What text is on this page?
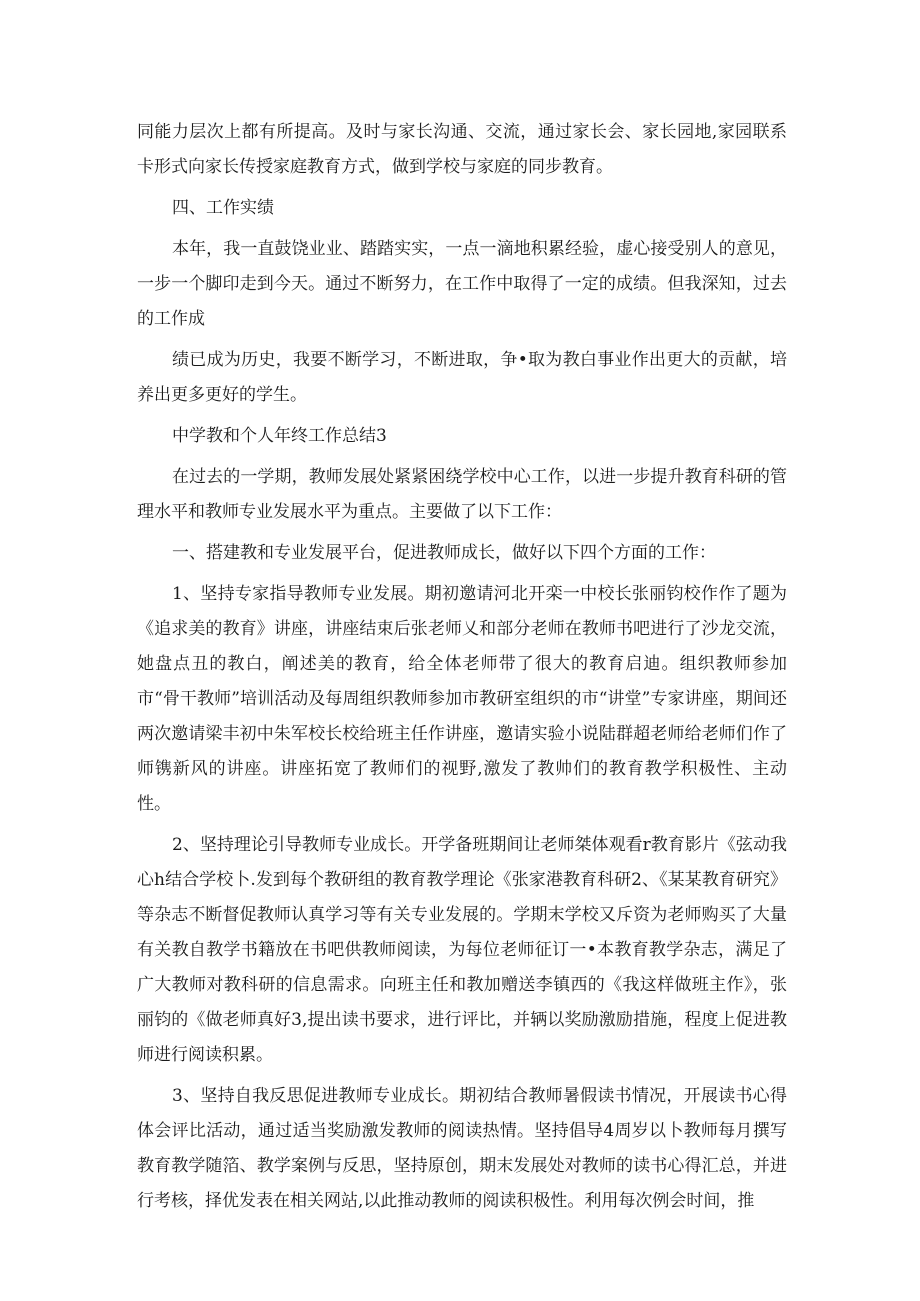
同能力层次上都有所提高。及时与家长沟通、交流，通过家长会、家长园地,家园联系卡形式向家长传授家庭教育方式，做到学校与家庭的同步教育。

四、工作实绩

本年，我一直鼓饶业业、踏踏实实，一点一滴地积累经验，虚心接受别人的意见，一步一个脚印走到今天。通过不断努力，在工作中取得了一定的成绩。但我深知，过去的工作成

绩已成为历史，我要不断学习，不断进取，争•取为教白事业作出更大的贡献，培养出更多更好的学生。

中学教和个人年终工作总结3

在过去的一学期，教师发展处紧紧困绕学校中心工作，以进一步提升教育科研的管理水平和教师专业发展水平为重点。主要做了以下工作：

一、搭建教和专业发展平台，促进教师成长，做好以下四个方面的工作：

1、坚持专家指导教师专业发展。期初邀请河北开栾一中校长张丽钧校作作了题为《追求美的教育》讲座，讲座结束后张老师乂和部分老师在教师书吧进行了沙龙交流，她盘点丑的教白，阐述美的教育，给全体老师带了很大的教育启迪。组织教师参加市“骨干教师”培训活动及每周组织教师参加市教研室组织的市“讲堂”专家讲座，期间还两次邀请梁丰初中朱军校长校给班主任作讲座，邀请实验小说陆群超老师给老师们作了师镌新风的讲座。讲座拓宽了教师们的视野,激发了教帅们的教育教学积极性、主动性。

2、坚持理论引导教师专业成长。开学备班期间让老师桀体观看r教育影片《弦动我心h结合学校卜.发到每个教研组的教育教学理论《张家港教育科研2、《某某教育研究》等杂志不断督促教师认真学习等有关专业发展的。学期末学校又斥资为老师购买了大量有关教自教学书籍放在书吧供教师阅读，为每位老师征订一•本教育教学杂志，满足了广大教师对教科研的信息需求。向班主任和教加赠送李镇西的《我这样做班主作》，张丽钧的《做老师真好3,提出读书要求，进行评比，并辆以奖励激励措施，程度上促进教师进行阅读积累。

3、坚持自我反思促进教师专业成长。期初结合教师暑假读书情况，开展读书心得体会评比活动，通过适当奖励激发教师的阅读热情。坚持倡导4周岁以卜教师每月撰写教育教学随箔、教学案例与反思，坚持原创，期末发展处对教师的读书心得汇总，并进行考核，择优发表在相关网站,以此推动教师的阅读积极性。利用每次例会时间，推
